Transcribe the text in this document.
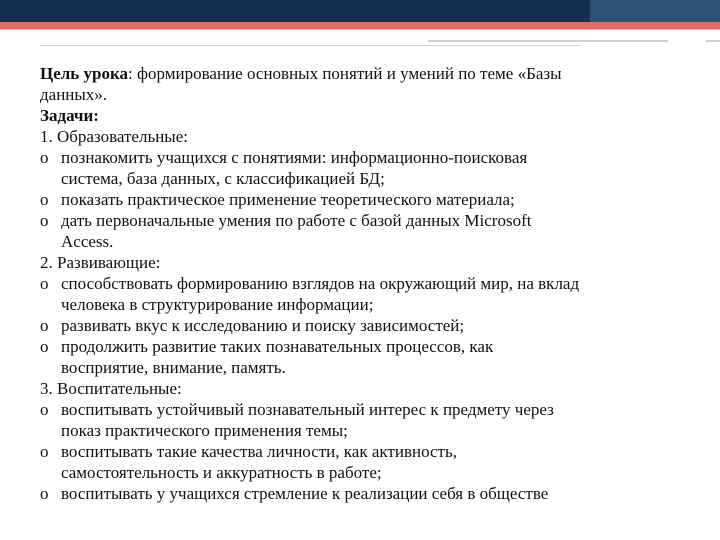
Цель урока: формирование основных понятий и умений по теме «Базы
данных».
Задачи:
1. Образовательные:
o познакомить учащихся с понятиями: информационно-поисковая
система, база данных, с классификацией БД;
o показать практическое применение теоретического материала;
o дать первоначальные умения по работе с базой данных Microsoft
Access.
2. Развивающие:
o способствовать формированию взглядов на окружающий мир, на вклад
человека в структурирование информации;
o развивать вкус к исследованию и поиску зависимостей;
o продолжить развитие таких познавательных процессов, как
восприятие, внимание, память.
3. Воспитательные:
o воспитывать устойчивый познавательный интерес к предмету через
показ практического применения темы;
o воспитывать такие качества личности, как активность,
самостоятельность и аккуратность в работе;
o воспитывать у учащихся стремление к реализации себя в обществе
